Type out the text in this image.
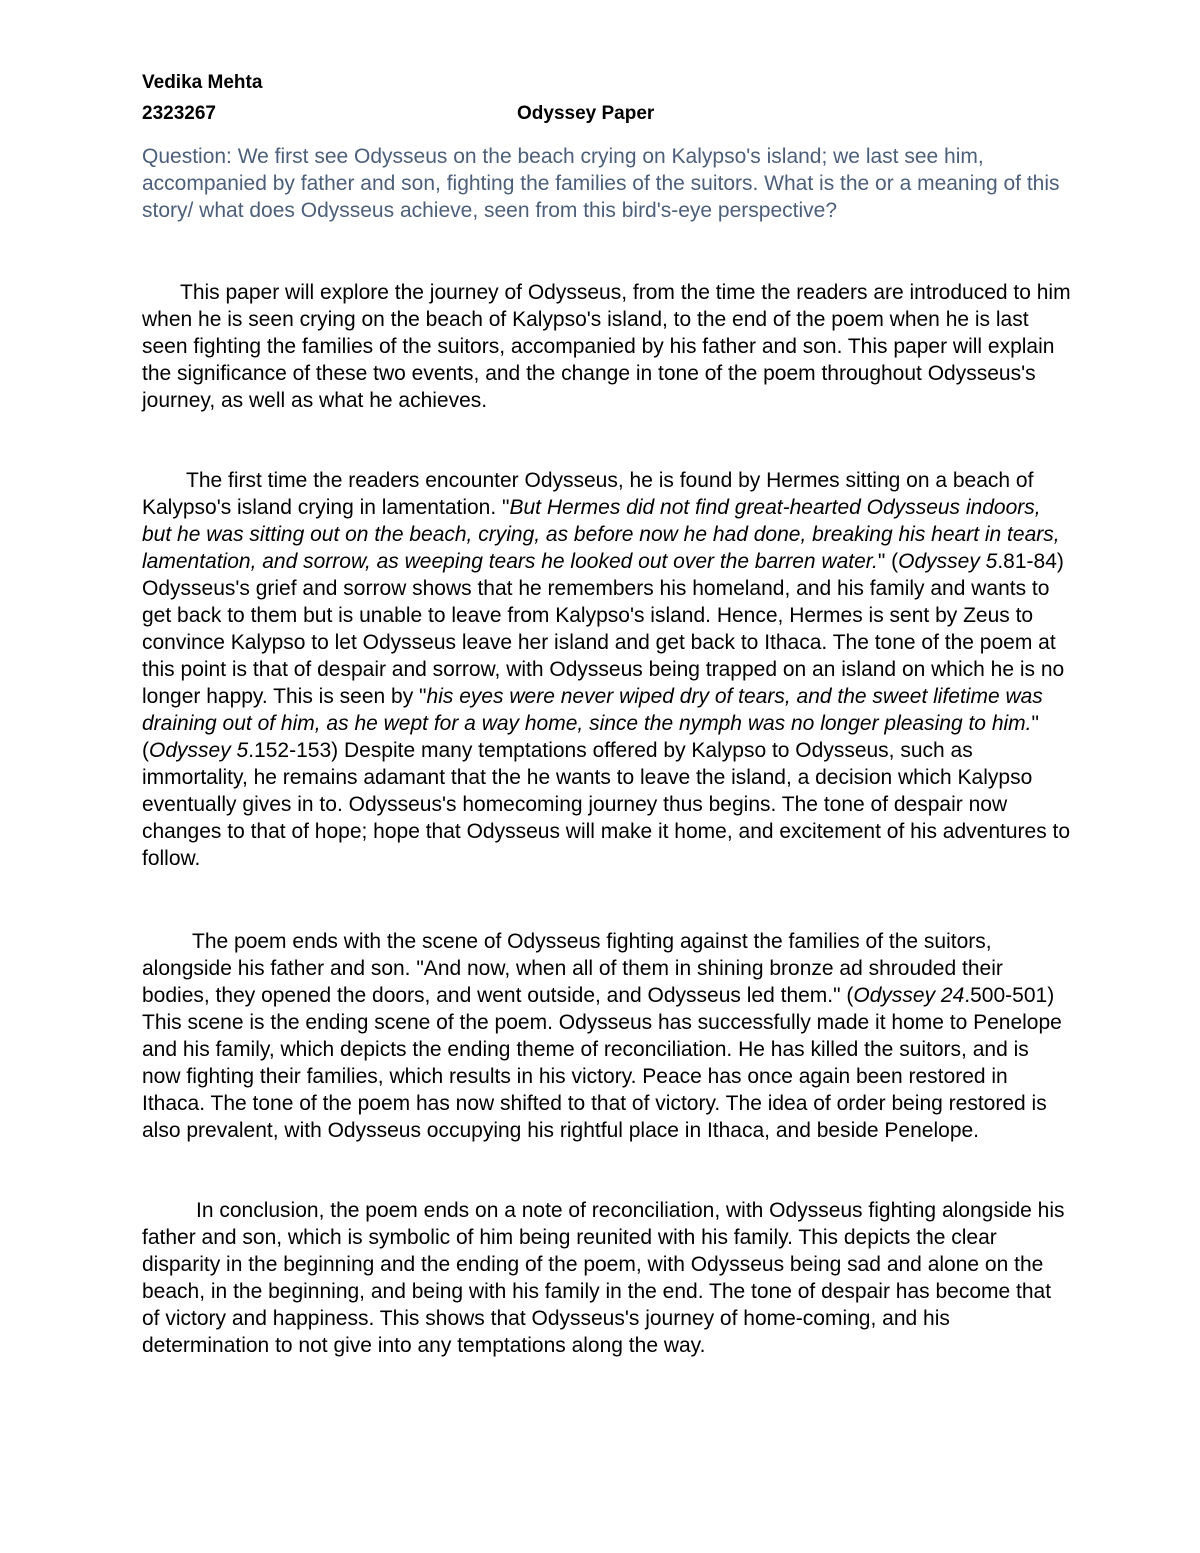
Vedika Mehta
2323267	Odyssey Paper

Question: We first see Odysseus on the beach crying on Kalypso's island; we last see him, accompanied by father and son, fighting the families of the suitors. What is the or a meaning of this story/ what does Odysseus achieve, seen from this bird's-eye perspective?

This paper will explore the journey of Odysseus, from the time the readers are introduced to him when he is seen crying on the beach of Kalypso's island, to the end of the poem when he is last seen fighting the families of the suitors, accompanied by his father and son. This paper will explain the significance of these two events, and the change in tone of the poem throughout Odysseus's journey, as well as what he achieves.

The first time the readers encounter Odysseus, he is found by Hermes sitting on a beach of Kalypso's island crying in lamentation. "But Hermes did not find great-hearted Odysseus indoors, but he was sitting out on the beach, crying, as before now he had done, breaking his heart in tears, lamentation, and sorrow, as weeping tears he looked out over the barren water." (Odyssey 5.81-84) Odysseus's grief and sorrow shows that he remembers his homeland, and his family and wants to get back to them but is unable to leave from Kalypso's island. Hence, Hermes is sent by Zeus to convince Kalypso to let Odysseus leave her island and get back to Ithaca. The tone of the poem at this point is that of despair and sorrow, with Odysseus being trapped on an island on which he is no longer happy. This is seen by "his eyes were never wiped dry of tears, and the sweet lifetime was draining out of him, as he wept for a way home, since the nymph was no longer pleasing to him." (Odyssey 5.152-153) Despite many temptations offered by Kalypso to Odysseus, such as immortality, he remains adamant that the he wants to leave the island, a decision which Kalypso eventually gives in to. Odysseus's homecoming journey thus begins. The tone of despair now changes to that of hope; hope that Odysseus will make it home, and excitement of his adventures to follow.

The poem ends with the scene of Odysseus fighting against the families of the suitors, alongside his father and son. "And now, when all of them in shining bronze ad shrouded their bodies, they opened the doors, and went outside, and Odysseus led them." (Odyssey 24.500-501) This scene is the ending scene of the poem. Odysseus has successfully made it home to Penelope and his family, which depicts the ending theme of reconciliation. He has killed the suitors, and is now fighting their families, which results in his victory. Peace has once again been restored in Ithaca. The tone of the poem has now shifted to that of victory. The idea of order being restored is also prevalent, with Odysseus occupying his rightful place in Ithaca, and beside Penelope.

In conclusion, the poem ends on a note of reconciliation, with Odysseus fighting alongside his father and son, which is symbolic of him being reunited with his family. This depicts the clear disparity in the beginning and the ending of the poem, with Odysseus being sad and alone on the beach, in the beginning, and being with his family in the end. The tone of despair has become that of victory and happiness. This shows that Odysseus's journey of home-coming, and his determination to not give into any temptations along the way.
